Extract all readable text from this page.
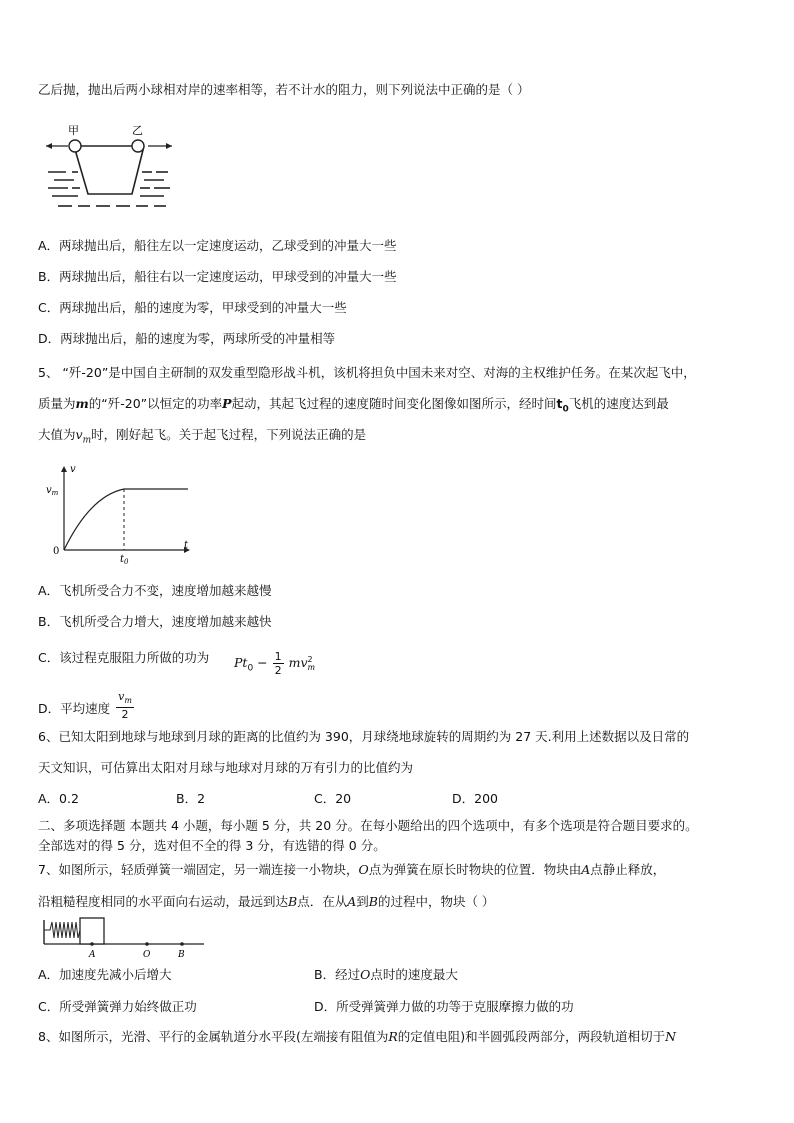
乙后抛，抛出后两小球相对岸的速率相等，若不计水的阻力，则下列说法中正确的是（ ）
甲	乙
A．两球抛出后，船往左以一定速度运动，乙球受到的冲量大一些
B．两球抛出后，船往右以一定速度运动，甲球受到的冲量大一些
C．两球抛出后，船的速度为零，甲球受到的冲量大一些
D．两球抛出后，船的速度为零，两球所受的冲量相等
5、 “歼-20”是中国自主研制的双发重型隐形战斗机，该机将担负中国未来对空、对海的主权维护任务。在某次起飞中，
质量为m的“歼-20”以恒定的功率P起动，其起飞过程的速度随时间变化图像如图所示，经时间$t_0$飞机的速度达到最
大值为$v_m$时，刚好起飞。关于起飞过程，下列说法正确的是
v
t
0
$v_m$
$t_0$
A．飞机所受合力不变，速度增加越来越慢
B．飞机所受合力增大，速度增加越来越快
C．该过程克服阻力所做的功为 $Pt_0 - \frac{1}{2}$ mv 2
m
D．平均速度 $\frac{v_m}{2}$
6、已知太阳到地球与地球到月球的距离的比值约为 390，月球绕地球旋转的周期约为 27 天.利用上述数据以及日常的
天文知识，可估算出太阳对月球与地球对月球的万有引力的比值约为
A．0.2	B．2	C．20	D．200
二、多项选择题 本题共 4 小题，每小题 5 分，共 20 分。在每小题给出的四个选项中，有多个选项是符合题目要求的。
全部选对的得 5 分，选对但不全的得 3 分，有选错的得 0 分。
7、如图所示，轻质弹簧一端固定，另一端连接一小物块，O点为弹簧在原长时物块的位置．物块由A点静止释放，
沿粗糙程度相同的水平面向右运动，最远到达B点．在从A到B的过程中，物块（ ）
A	O	B
A．加速度先减小后增大	B．经过O点时的速度最大
C．所受弹簧弹力始终做正功	D．所受弹簧弹力做的功等于克服摩擦力做的功
8、如图所示，光滑、平行的金属轨道分水平段(左端接有阻值为R的定值电阻)和半圆弧段两部分，两段轨道相切于N
